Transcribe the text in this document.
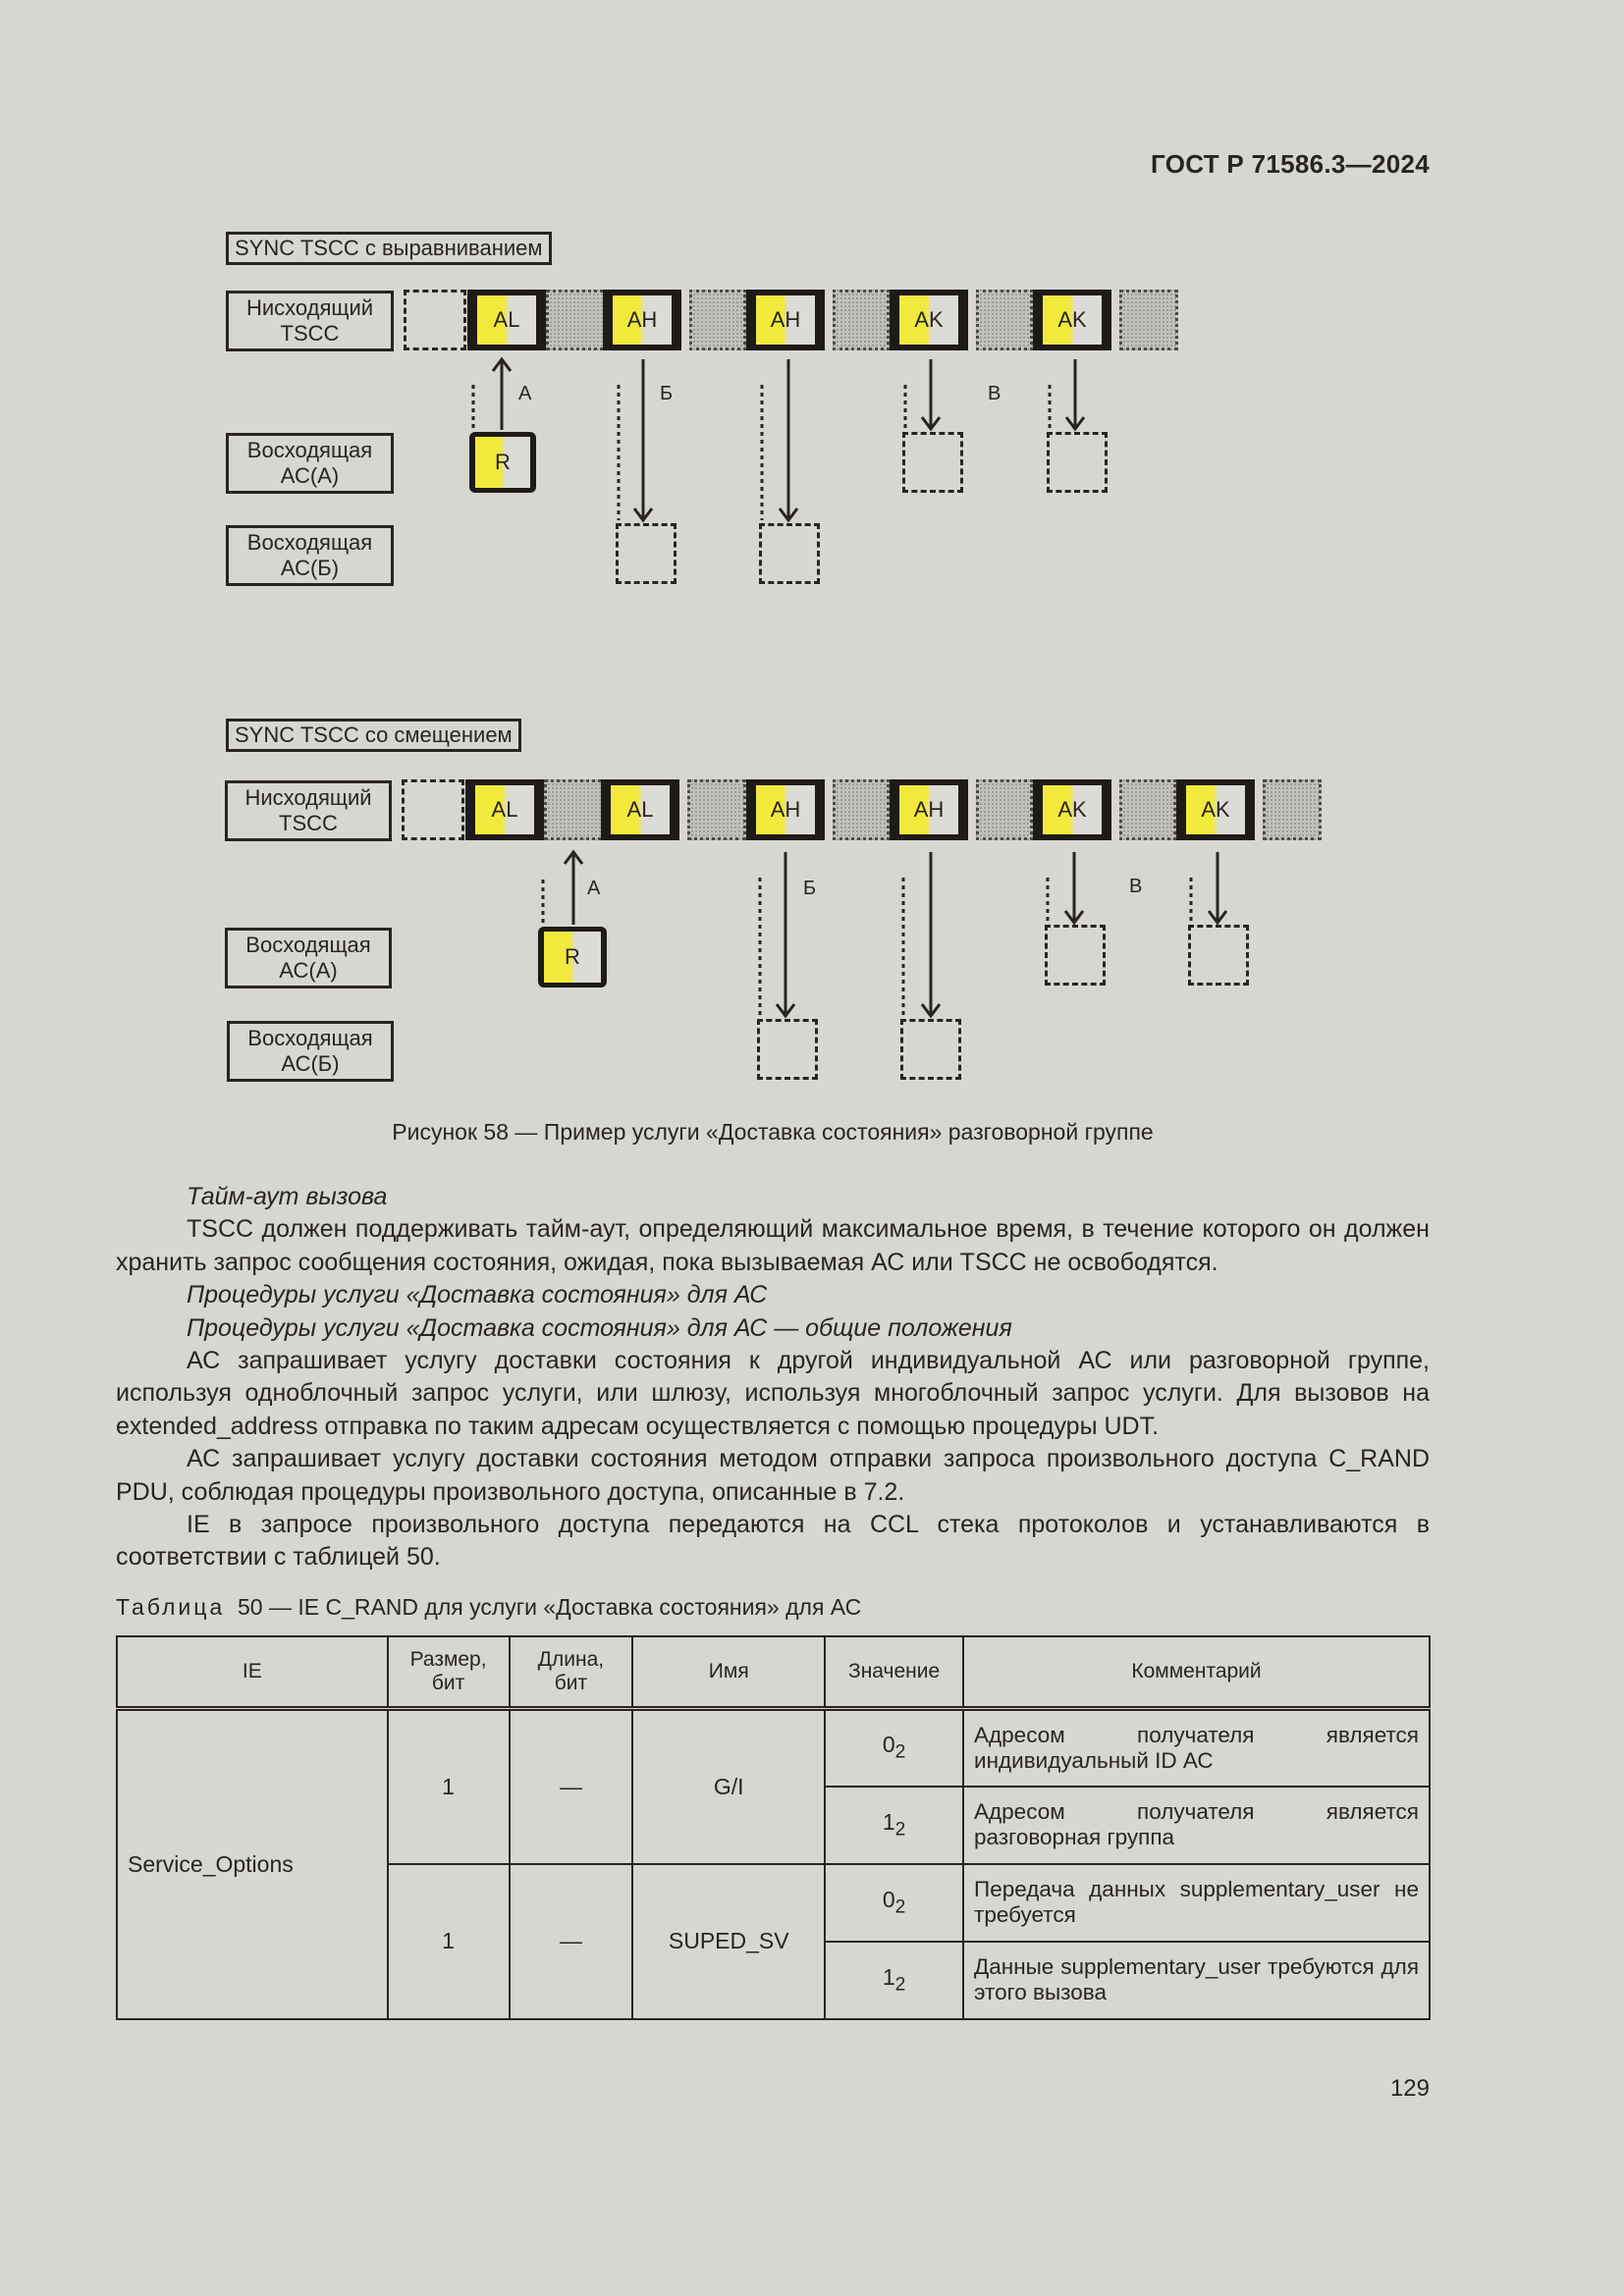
ГОСТ Р 71586.3—2024
SYNC TSCC с выравниванием
Нисходящий TSCC
Восходящая АС(А)
Восходящая АС(Б)
AL	AH	AH	AK	AK
R
А	Б	В
SYNC TSCC со смещением
Нисходящий TSCC
Восходящая АС(А)
Восходящая АС(Б)
AL	AL	AH	AH	AK	AK
R
А	Б	В
Рисунок 58 — Пример услуги «Доставка состояния» разговорной группе

Тайм-аут вызова

TSCC должен поддерживать тайм-аут, определяющий максимальное время, в течение которого он должен хранить запрос сообщения состояния, ожидая, пока вызываемая АС или TSCC не освободятся.

Процедуры услуги «Доставка состояния» для АС

Процедуры услуги «Доставка состояния» для АС — общие положения

АС запрашивает услугу доставки состояния к другой индивидуальной АС или разговорной группе, используя одноблочный запрос услуги, или шлюзу, используя многоблочный запрос услуги. Для вызовов на extended_address отправка по таким адресам осуществляется с помощью процедуры UDT.

АС запрашивает услугу доставки состояния методом отправки запроса произвольного доступа C_RAND PDU, соблюдая процедуры произвольного доступа, описанные в 7.2.

IE в запросе произвольного доступа передаются на CCL стека протоколов и устанавливаются в соответствии с таблицей 50.

Таблица 50 — IE C_RAND для услуги «Доставка состояния» для АС
IE	Размер, бит	Длина, бит	Имя	Значение	Комментарий
Service_Options	1	—	G/I	$0_2$	Адресом получателя является индивидуальный ID АС
				$1_2$	Адресом получателя является разговорная группа
	1	—	SUPED_SV	$0_2$	Передача данных supplementary_user не требуется
				$1_2$	Данные supplementary_user требуются для этого вызова
129
